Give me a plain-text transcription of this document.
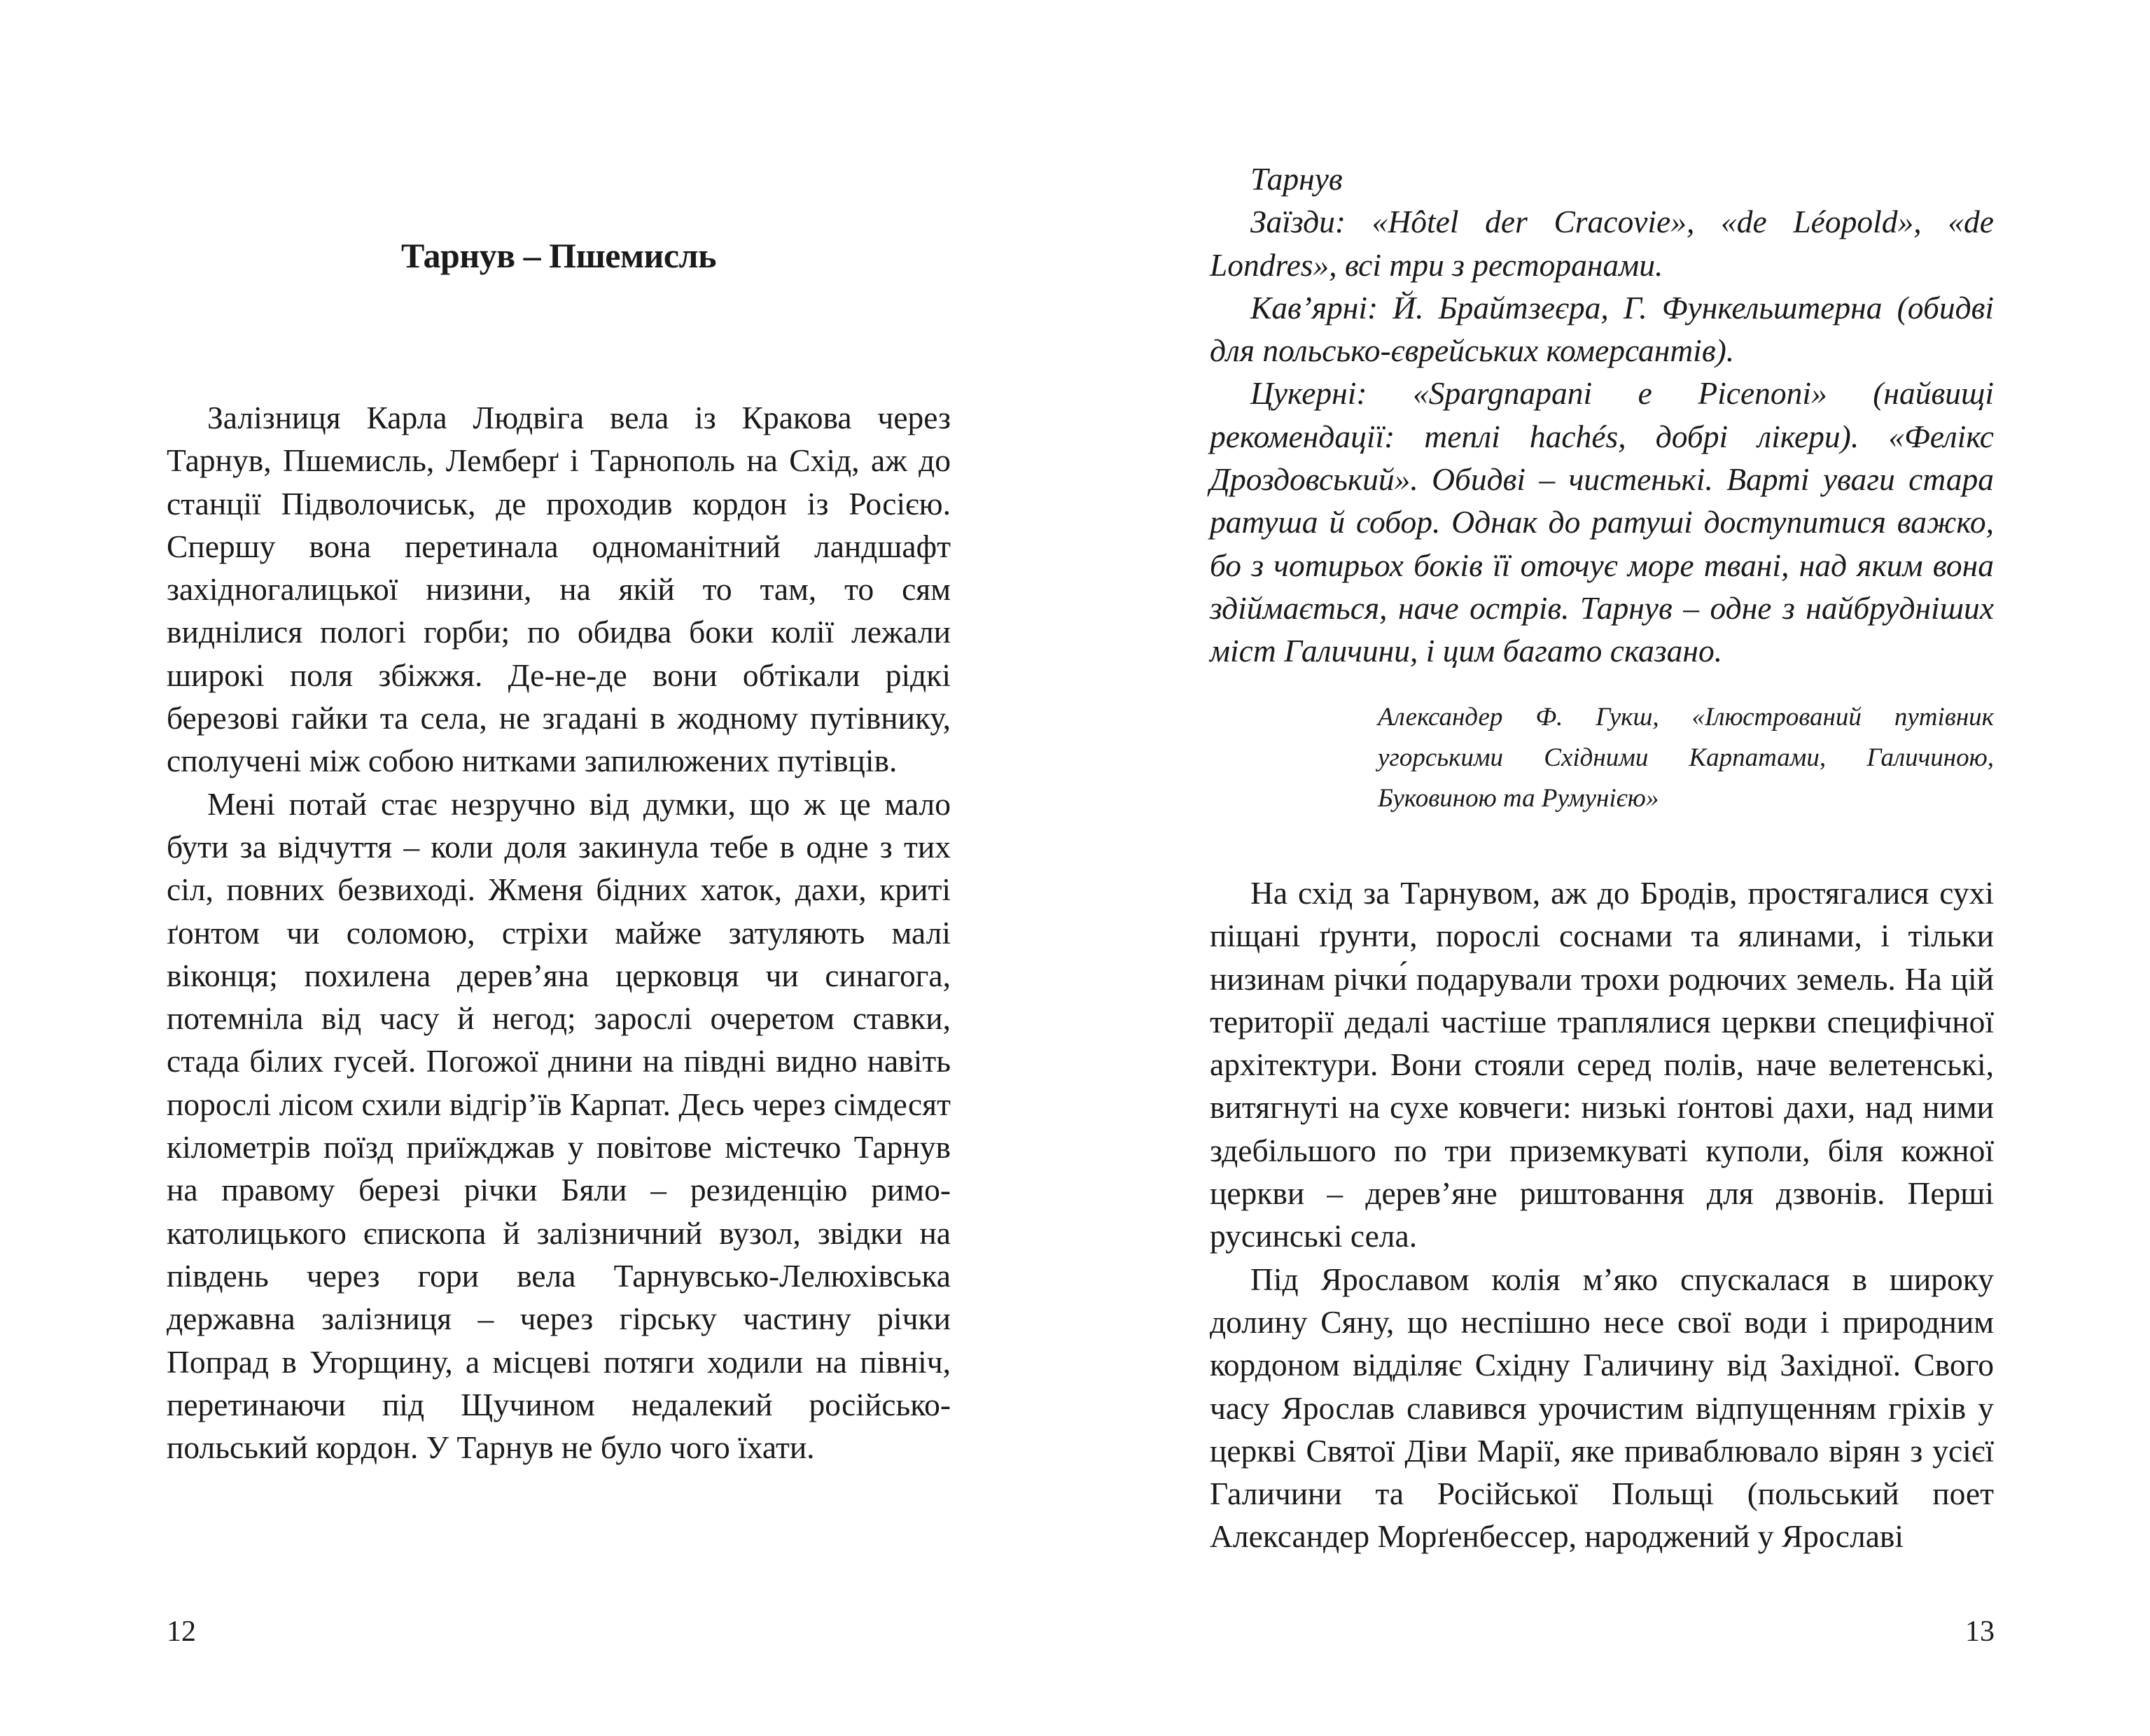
Тарнув – Пшемисль

Залізниця Карла Людвіга вела із Кракова через Тарнув, Пшемисль, Лемберґ і Тарнополь на Схід, аж до станції Підволочиськ, де проходив кордон із Росією. Спершу вона перетинала одноманітний ландшафт західногалицької низини, на якій то там, то сям виднілися пологі горби; по обидва боки колії лежали широкі поля збіжжя. Де-не-де вони обтікали рідкі березові гайки та села, не згадані в жодному путівнику, сполучені між собою нитками запилюжених путівців.

Мені потай стає незручно від думки, що ж це мало бути за відчуття – коли доля закинула тебе в одне з тих сіл, повних безвиході. Жменя бідних хаток, дахи, криті ґонтом чи соломою, стріхи майже затуляють малі віконця; похилена дерев’яна церковця чи синагога, потемніла від часу й негод; зарослі очеретом ставки, стада білих гусей. Погожої днини на півдні видно навіть порослі лісом схили відгір’їв Карпат. Десь через сімдесят кілометрів поїзд приїжджав у повітове містечко Тарнув на правому березі річки Бяли – резиденцію римо-католицького єпископа й залізничний вузол, звідки на південь через гори вела Тарнувсько-Лелюхівська державна залізниця – через гірську частину річки Попрад в Угорщину, а місцеві потяги ходили на північ, перетинаючи під Щучином недалекий російсько-польський кордон. У Тарнув не було чого їхати.

12

Тарнув

Заїзди: «Hôtel der Cracovie», «de Léopold», «de Londres», всі три з ресторанами.

Кав’ярні: Й. Брайтзеєра, Г. Функельштерна (обидві для польсько-єврейських комерсантів).

Цукерні: «Spargnapani e Picenoni» (найвищі рекомендації: теплі hachés, добрі лікери). «Фелікс Дроздовський». Обидві – чистенькі. Варті уваги стара ратуша й собор. Однак до ратуші доступитися важко, бо з чотирьох боків її оточує море твані, над яким вона здіймається, наче острів. Тарнув – одне з найбрудніших міст Галичини, і цим багато сказано.

Александер Ф. Гукш, «Ілюстрований путівник угорськими Східними Карпатами, Галичиною, Буковиною та Румунією»

На схід за Тарнувом, аж до Бродів, простягалися сухі піщані ґрунти, порослі соснами та ялинами, і тільки низинам річки́ подарували трохи родючих земель. На цій території дедалі частіше траплялися церкви специфічної архітектури. Вони стояли серед полів, наче велетенські, витягнуті на сухе ковчеги: низькі ґонтові дахи, над ними здебільшого по три приземкуваті куполи, біля кожної церкви – дерев’яне риштовання для дзвонів. Перші русинські села.

Під Ярославом колія м’яко спускалася в широку долину Сяну, що неспішно несе свої води і природним кордоном відділяє Східну Галичину від Західної. Свого часу Ярослав славився урочистим відпущенням гріхів у церкві Святої Діви Марії, яке приваблювало вірян з усієї Галичини та Російської Польщі (польський поет Александер Морґенбессер, народжений у Ярославі

13
